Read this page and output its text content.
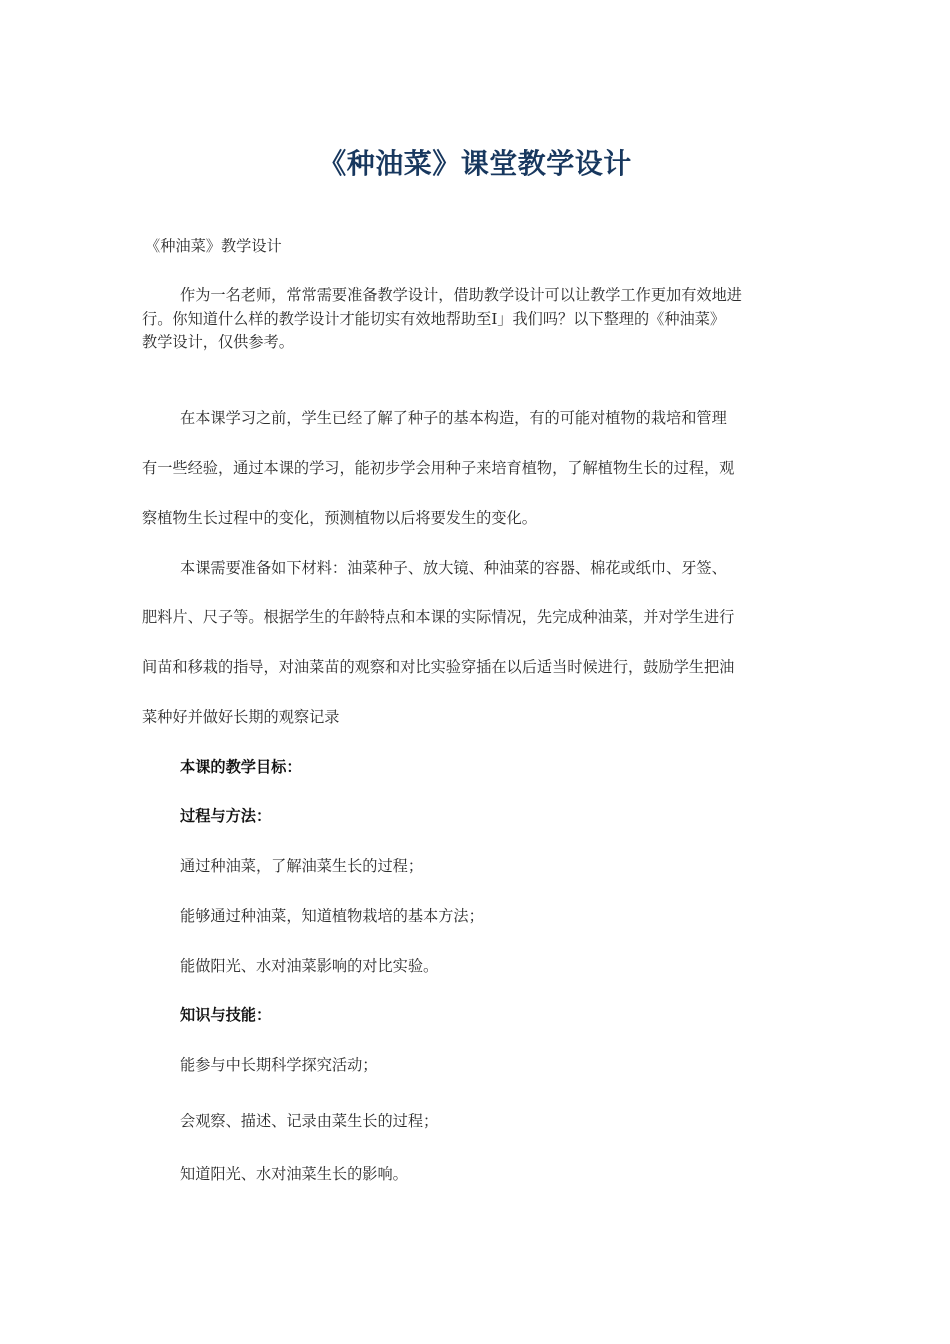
《种油菜》课堂教学设计
《种油菜》教学设计
作为一名老师，常常需要准备教学设计，借助教学设计可以让教学工作更加有效地进
行。你知道什么样的教学设计才能切实有效地帮助至I」我们吗？以下整理的《种油菜》
教学设计，仅供参考。
在本课学习之前，学生已经了解了种子的基本构造，有的可能对植物的栽培和管理
有一些经验，通过本课的学习，能初步学会用种子来培育植物，了解植物生长的过程，观
察植物生长过程中的变化，预测植物以后将要发生的变化。
本课需要准备如下材料：油菜种子、放大镜、种油菜的容器、棉花或纸巾、牙签、
肥料片、尺子等。根据学生的年龄特点和本课的实际情况，先完成种油菜，并对学生进行
间苗和移栽的指导，对油菜苗的观察和对比实验穿插在以后适当时候进行，鼓励学生把油
菜种好并做好长期的观察记录
本课的教学目标：
过程与方法：
通过种油菜，了解油菜生长的过程；
能够通过种油菜，知道植物栽培的基本方法；
能做阳光、水对油菜影响的对比实验。
知识与技能：
能参与中长期科学探究活动；
会观察、描述、记录由菜生长的过程；
知道阳光、水对油菜生长的影响。
